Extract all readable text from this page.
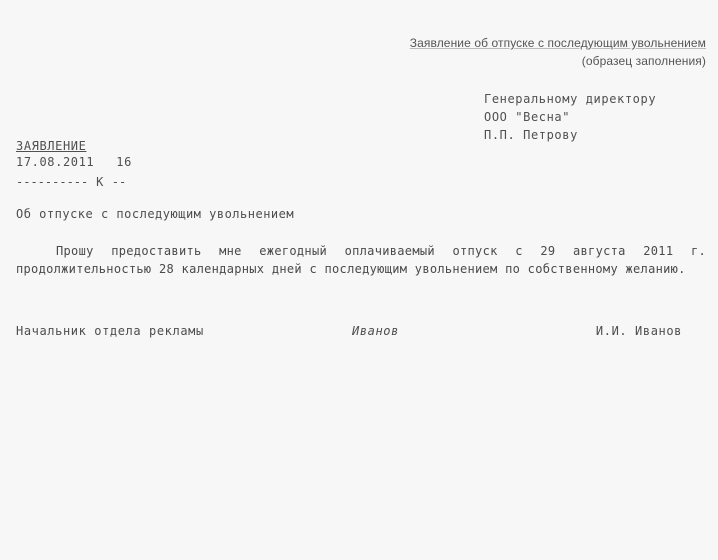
Заявление об отпуске с последующим увольнением
(образец заполнения)
Генеральному директору
ООО "Весна"
П.П. Петрову
ЗАЯВЛЕНИЕ
17.08.2011 16
---------- К --
Об отпуске с последующим увольнением

Прошу предоставить мне ежегодный оплачиваемый отпуск с 29 августа 2011 г. продолжительностью 28 календарных дней с последующим увольнением по собственному желанию.

Начальник отдела рекламы	Иванов	И.И. Иванов
